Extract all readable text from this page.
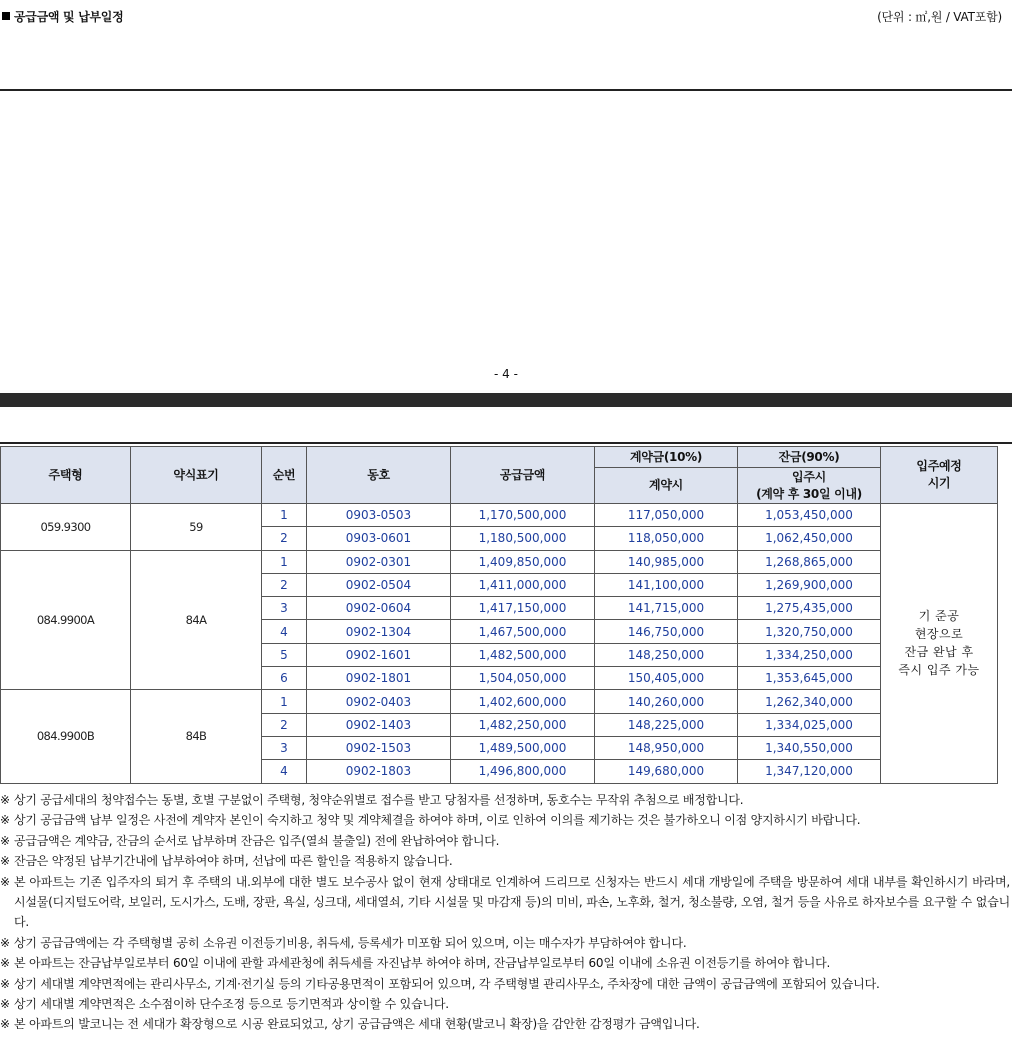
공급금액 및 납부일정	(단위 : ㎡,원 / VAT포함)
- 4 -
주택형	약식표기	순번	동호	공급금액	계약금(10%)	잔금(90%)	입주예정
시기
					계약시	입주시
(계약 후 30일 이내)	
059.9300	59	1	0903-0503	1,170,500,000	117,050,000	1,053,450,000	기 준공
현장으로
잔금 완납 후
즉시 입주 가능
		2	0903-0601	1,180,500,000	118,050,000	1,062,450,000	
084.9900A	84A	1	0902-0301	1,409,850,000	140,985,000	1,268,865,000	
		2	0902-0504	1,411,000,000	141,100,000	1,269,900,000	
		3	0902-0604	1,417,150,000	141,715,000	1,275,435,000	
		4	0902-1304	1,467,500,000	146,750,000	1,320,750,000	
		5	0902-1601	1,482,500,000	148,250,000	1,334,250,000	
		6	0902-1801	1,504,050,000	150,405,000	1,353,645,000	
084.9900B	84B	1	0902-0403	1,402,600,000	140,260,000	1,262,340,000	
		2	0902-1403	1,482,250,000	148,225,000	1,334,025,000	
		3	0902-1503	1,489,500,000	148,950,000	1,340,550,000	
		4	0902-1803	1,496,800,000	149,680,000	1,347,120,000	
※ 상기 공급세대의 청약접수는 동별, 호별 구분없이 주택형, 청약순위별로 접수를 받고 당첨자를 선정하며, 동호수는 무작위 추첨으로 배정합니다.
※ 상기 공급금액 납부 일정은 사전에 계약자 본인이 숙지하고 청약 및 계약체결을 하여야 하며, 이로 인하여 이의를 제기하는 것은 불가하오니 이점 양지하시기 바랍니다.
※ 공급금액은 계약금, 잔금의 순서로 납부하며 잔금은 입주(열쇠 불출일) 전에 완납하여야 합니다.
※ 잔금은 약정된 납부기간내에 납부하여야 하며, 선납에 따른 할인을 적용하지 않습니다.
※ 본 아파트는 기존 입주자의 퇴거 후 주택의 내.외부에 대한 별도 보수공사 없이 현재 상태대로 인계하여 드리므로 신청자는 반드시 세대 개방일에 주택을 방문하여 세대 내부를 확인하시기 바라며, 시설물(디지털도어락, 보일러, 도시가스, 도배, 장판, 욕실, 싱크대, 세대열쇠, 기타 시설물 및 마감재 등)의 미비, 파손, 노후화, 철거, 청소불량, 오염, 철거 등을 사유로 하자보수를 요구할 수 없습니다.
※ 상기 공급금액에는 각 주택형별 공히 소유권 이전등기비용, 취득세, 등록세가 미포함 되어 있으며, 이는 매수자가 부담하여야 합니다.
※ 본 아파트는 잔금납부일로부터 60일 이내에 관할 과세관청에 취득세를 자진납부 하여야 하며, 잔금납부일로부터 60일 이내에 소유권 이전등기를 하여야 합니다.
※ 상기 세대별 계약면적에는 관리사무소, 기계·전기실 등의 기타공용면적이 포함되어 있으며, 각 주택형별 관리사무소, 주차장에 대한 금액이 공급금액에 포함되어 있습니다.
※ 상기 세대별 계약면적은 소수점이하 단수조정 등으로 등기면적과 상이할 수 있습니다.
※ 본 아파트의 발코니는 전 세대가 확장형으로 시공 완료되었고, 상기 공급금액은 세대 현황(발코니 확장)을 감안한 감정평가 금액입니다.
